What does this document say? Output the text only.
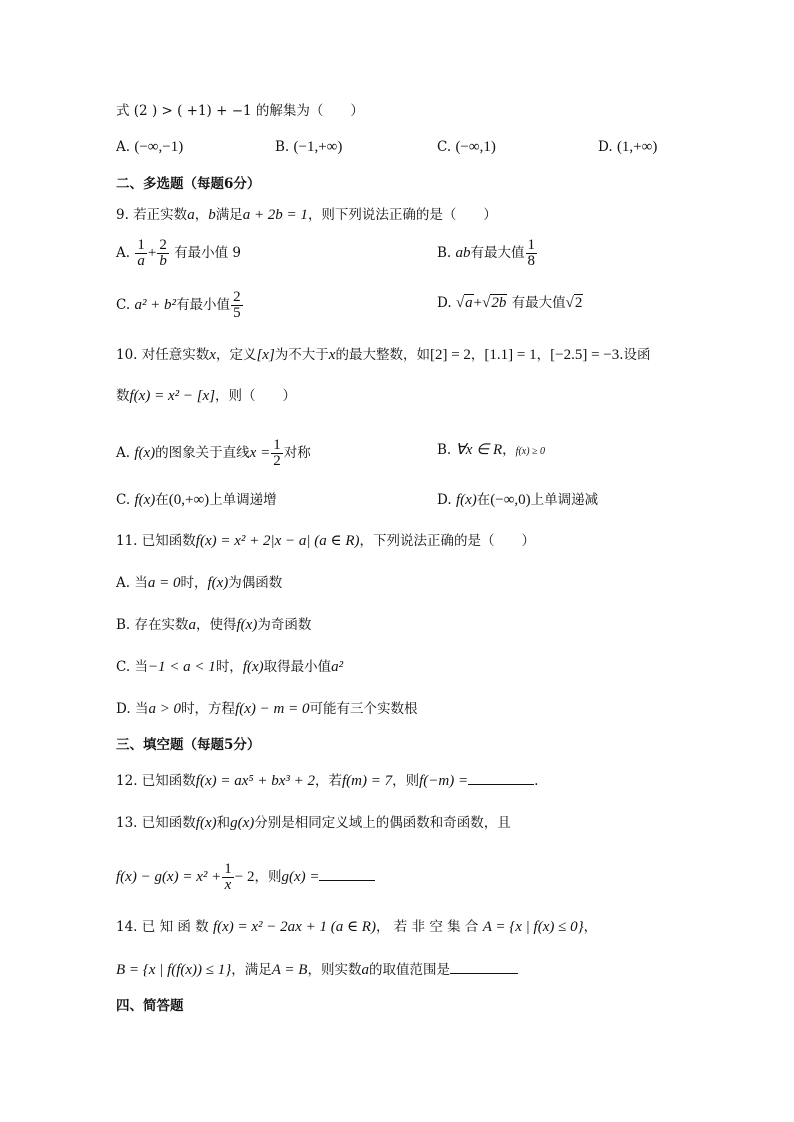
式 (2 ) > ( +1) + −1 的解集为（　　）
A. (−∞,−1)	B. (−1,+∞)	C. (−∞,1)	D. (1,+∞)
二、多选题（每题6分）
9. 若正实数a，b满足a + 2b = 1，则下列说法正确的是（　　）
A. $\frac{1}{a} + \frac{2}{b}$ 有最小值 9	B. ab有最大值 $\frac{1}{8}$
C. a² + b²有最小值 $\frac{2}{5}$	D. √a+√2b 有最大值√2
10. 对任意实数x，定义[x]为不大于x的最大整数，如[2] = 2，[1.1] = 1，[−2.5] = −3.设函
数f(x) = x² − [x]，则（　　）
A. f(x)的图象关于直线$x = \frac{1}{2}$ 对称	B. ∀x ∈ R，f(x) ≥ 0
C. f(x)在(0,+∞)上单调递增	D. f(x)在(−∞,0)上单调递减
11. 已知函数f(x) = x² + 2|x − a| (a ∈ R)，下列说法正确的是（　　）
A. 当a = 0时，f(x)为偶函数
B. 存在实数a，使得f(x)为奇函数
C. 当−1 < a < 1时，f(x)取得最小值a²
D. 当a > 0时，方程f(x) − m = 0可能有三个实数根
三、填空题（每题5分）
12. 已知函数f(x) = ax⁵ + bx³ + 2，若f(m) = 7，则f(−m) =	.
13. 已知函数f(x)和g(x)分别是相同定义域上的偶函数和奇函数，且
$f(x) - g(x) = x^2 + \frac{1}{x} - 2$，则g(x) =
14. 已 知 函 数 f(x) = x² − 2ax + 1 (a ∈ R)， 若 非 空 集 合 A = {x | f(x) ≤ 0}，
B = {x | f(f(x)) ≤ 1}，满足A = B，则实数a的取值范围是
四、简答题
